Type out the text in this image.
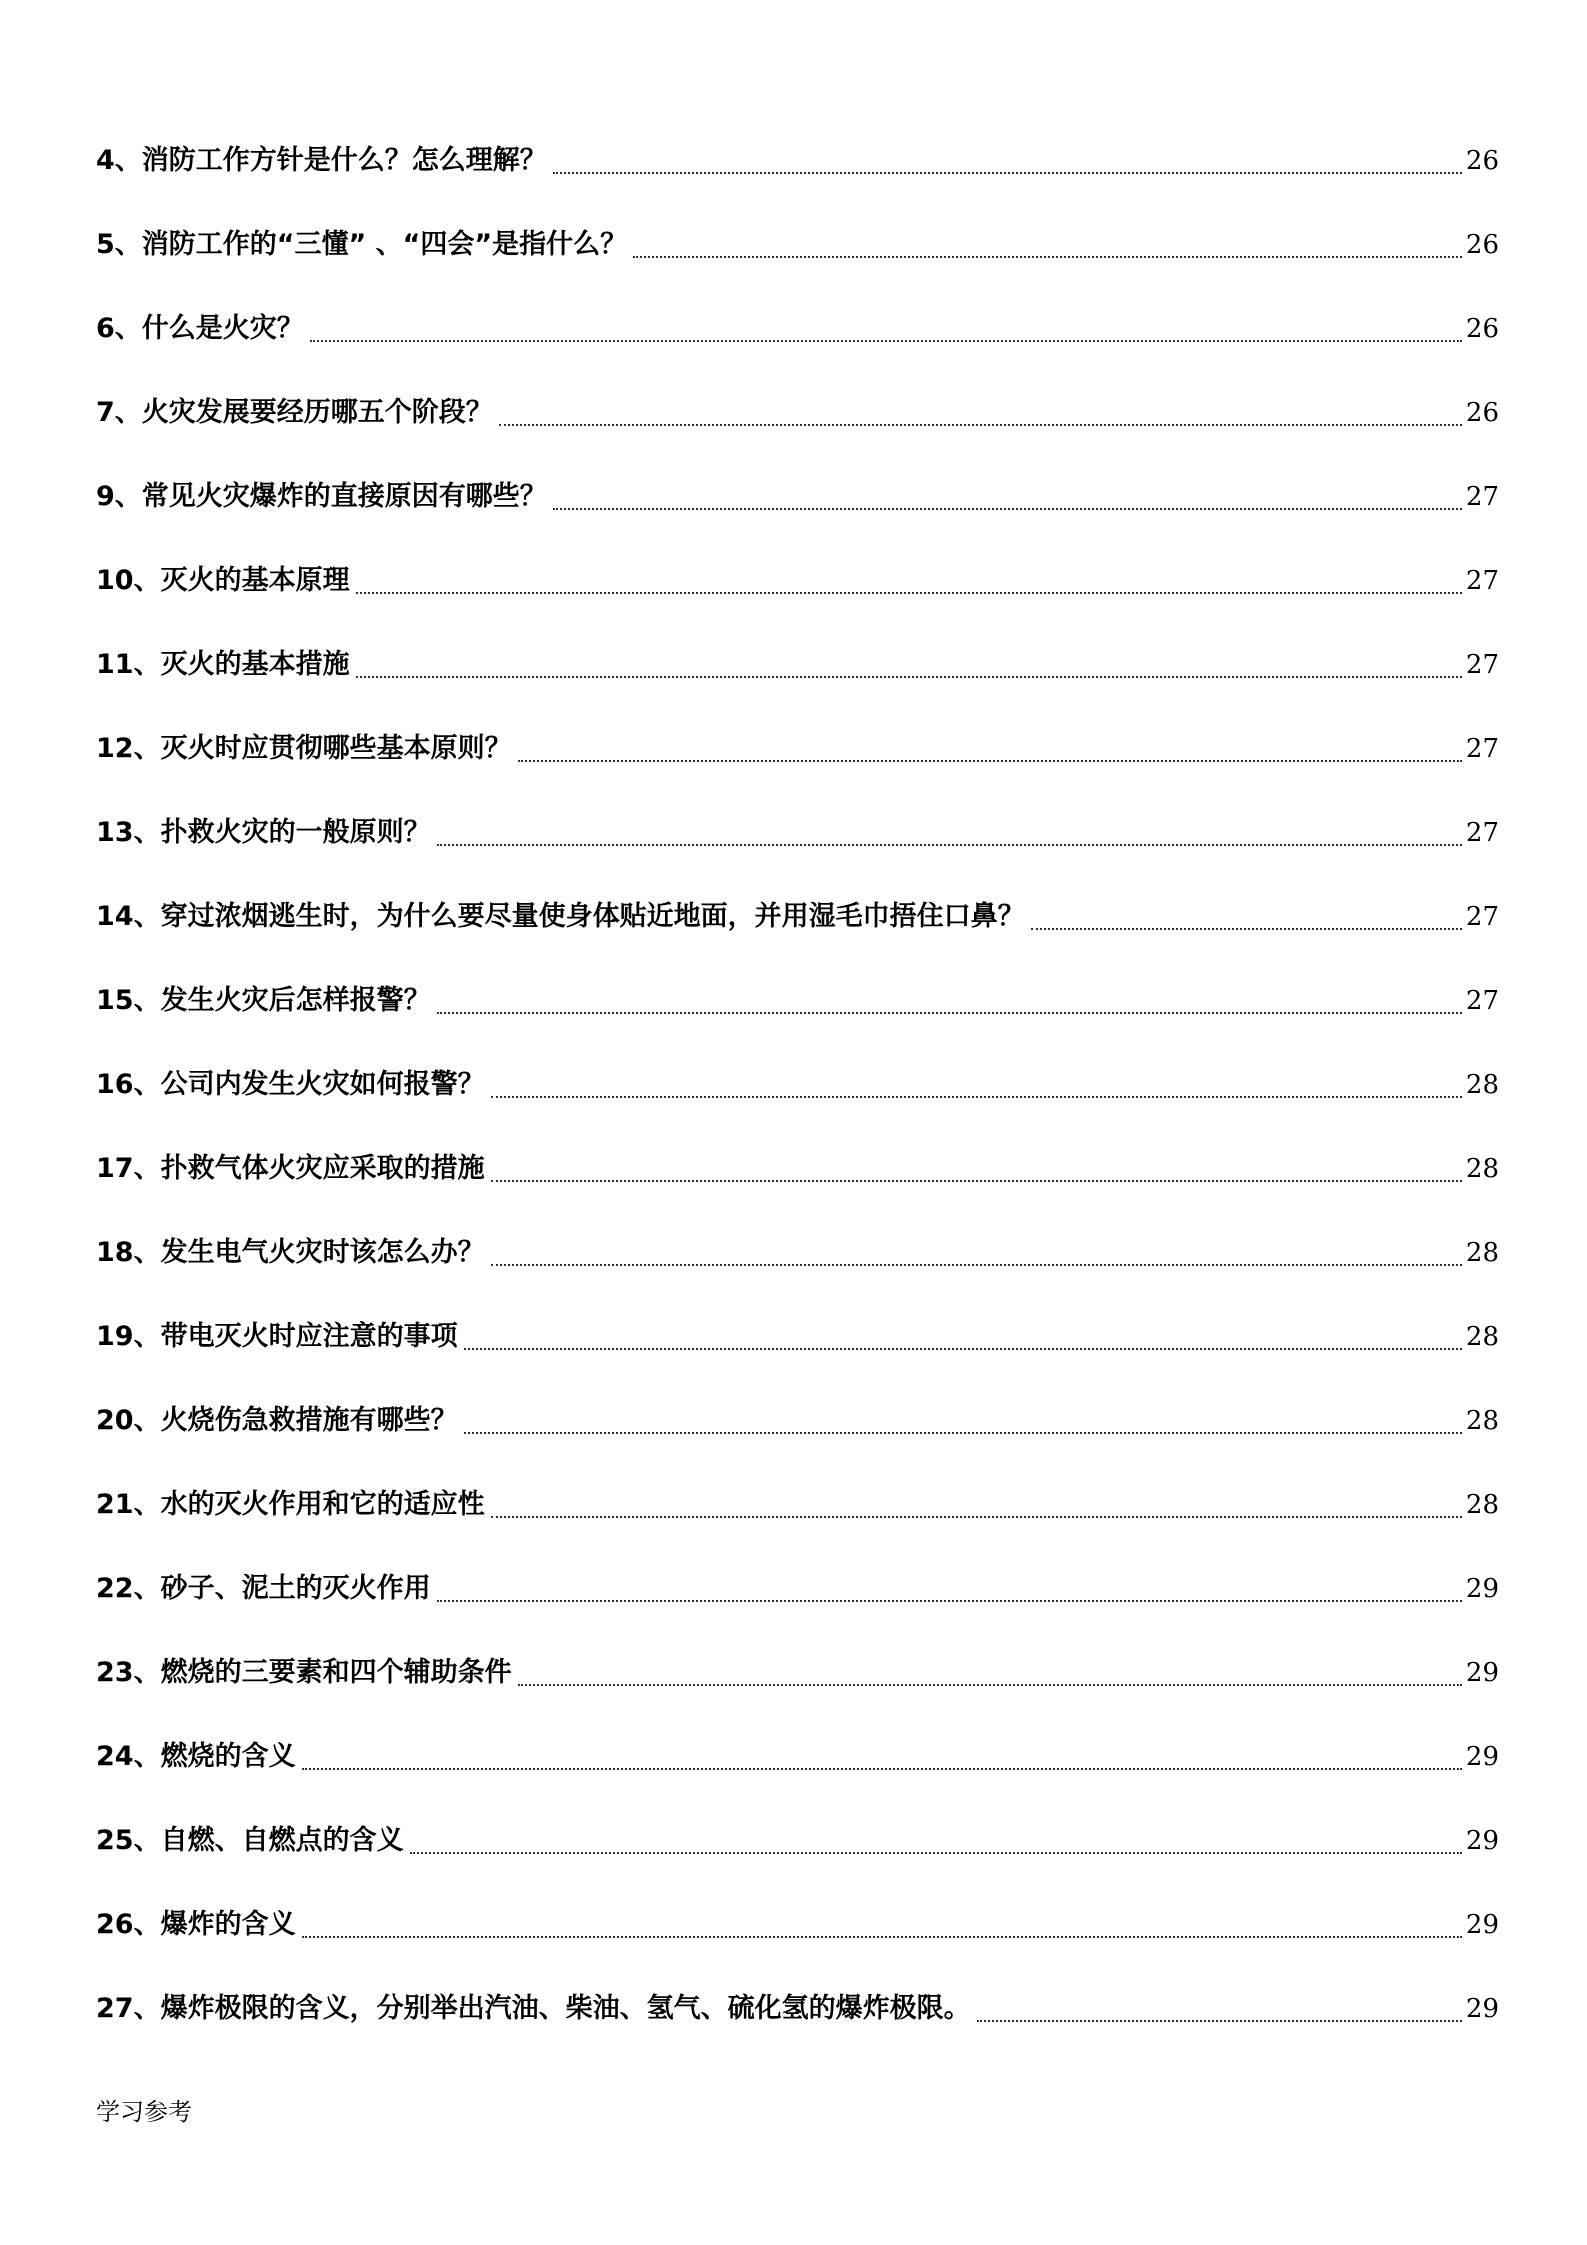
4、消防工作方针是什么？怎么理解？	26
5、消防工作的“三懂” 、“四会”是指什么？	26
6、什么是火灾？	26
7、火灾发展要经历哪五个阶段？	26
9、常见火灾爆炸的直接原因有哪些？	27
10、灭火的基本原理	27
11、灭火的基本措施	27
12、灭火时应贯彻哪些基本原则？	27
13、扑救火灾的一般原则？	27
14、穿过浓烟逃生时，为什么要尽量使身体贴近地面，并用湿毛巾捂住口鼻？	27
15、发生火灾后怎样报警？	27
16、公司内发生火灾如何报警？	28
17、扑救气体火灾应采取的措施	28
18、发生电气火灾时该怎么办？	28
19、带电灭火时应注意的事项	28
20、火烧伤急救措施有哪些？	28
21、水的灭火作用和它的适应性	28
22、砂子、泥土的灭火作用	29
23、燃烧的三要素和四个辅助条件	29
24、燃烧的含义	29
25、自燃、自燃点的含义	29
26、爆炸的含义	29
27、爆炸极限的含义，分别举出汽油、柴油、氢气、硫化氢的爆炸极限。	29
学习参考
